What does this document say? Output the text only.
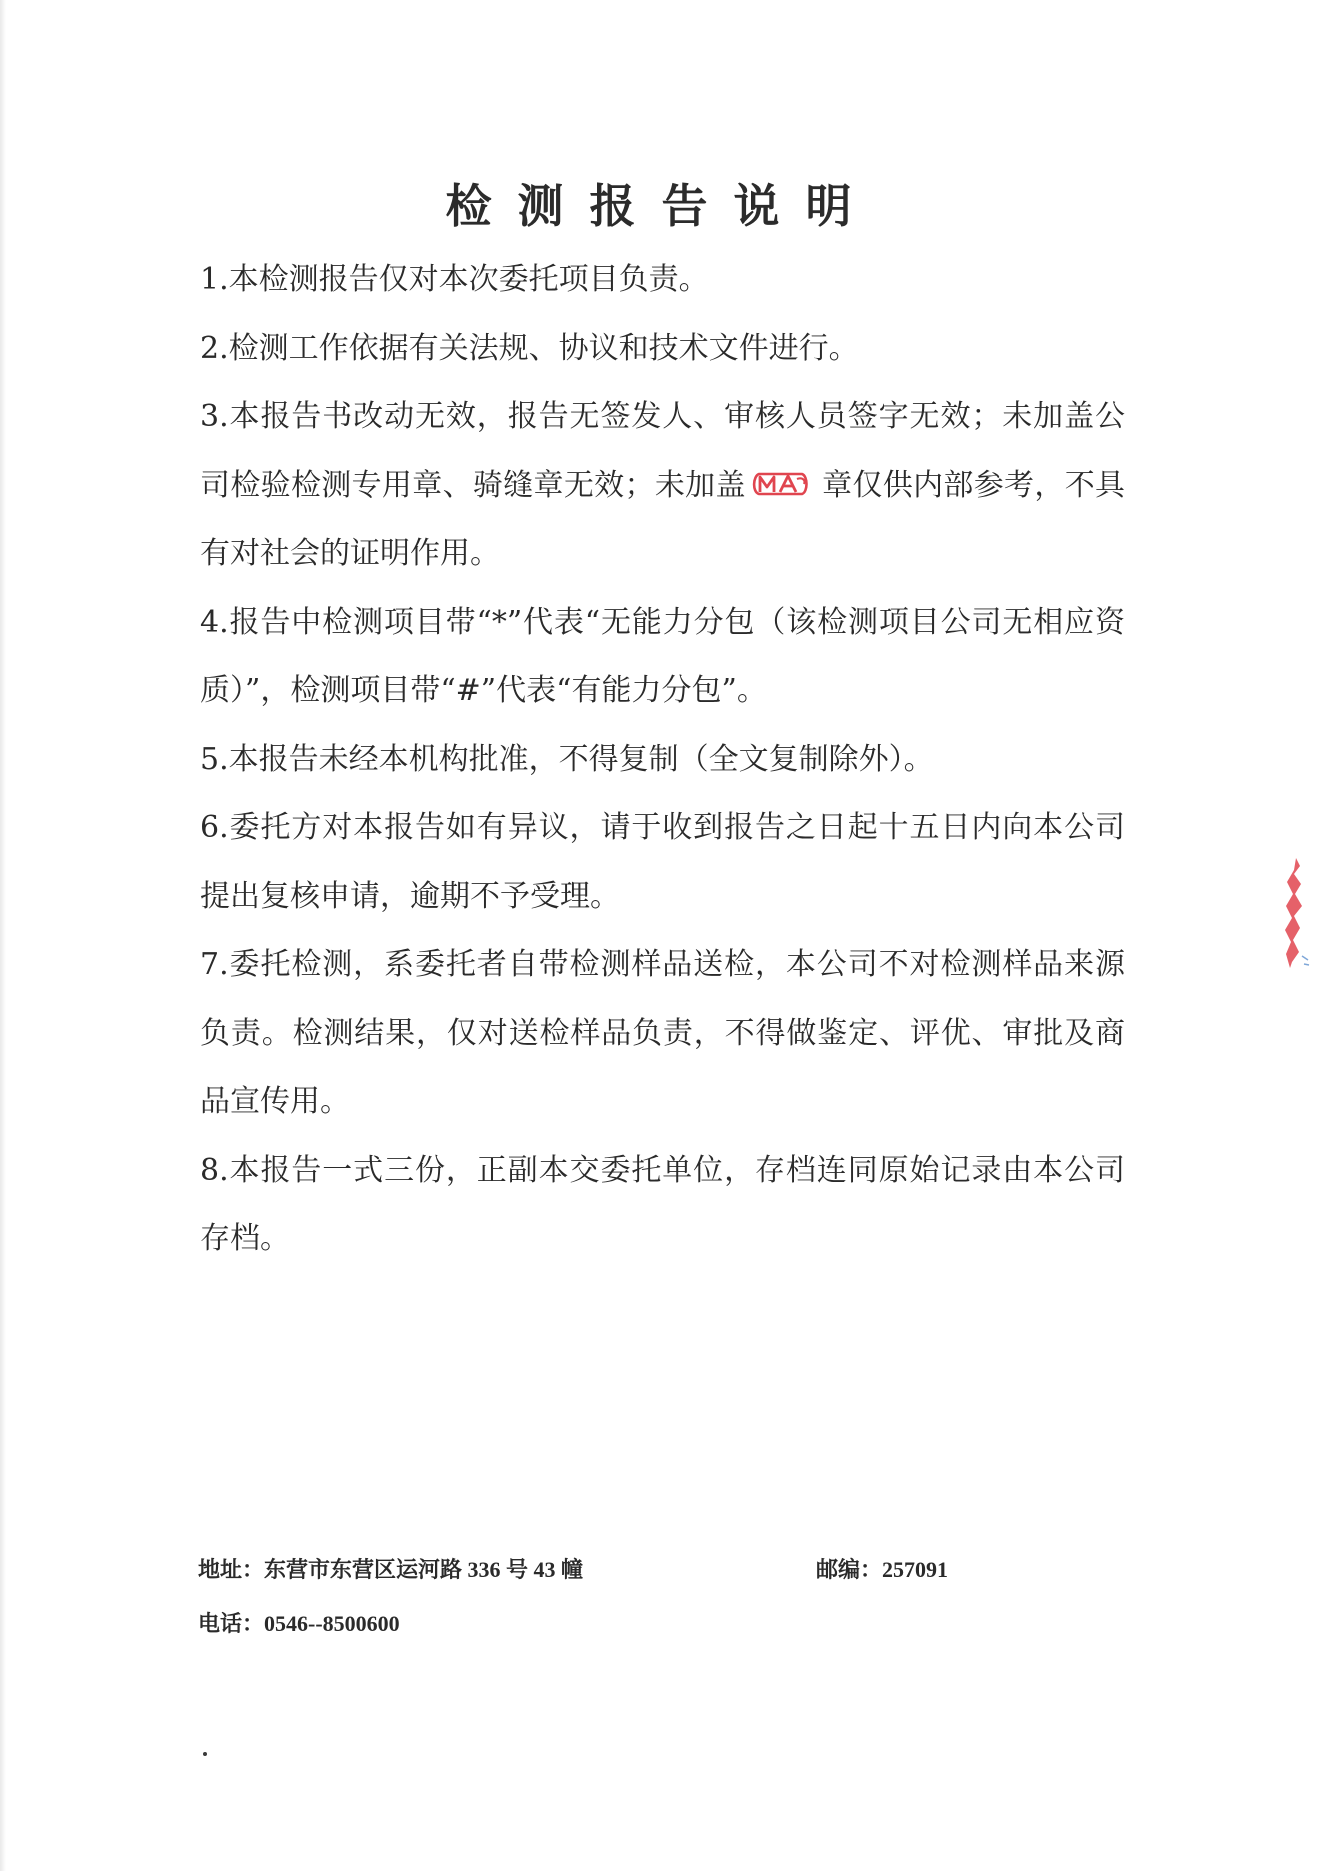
检测报告说明
1.本检测报告仅对本次委托项目负责。
2.检测工作依据有关法规、协议和技术文件进行。
3.本报告书改动无效，报告无签发人、审核人员签字无效；未加盖公司检验检测专用章、骑缝章无效；未加盖	章仅供内部参考，不具有对社会的证明作用。
4.报告中检测项目带“*”代表“无能力分包（该检测项目公司无相应资质）”，检测项目带“#”代表“有能力分包”。
5.本报告未经本机构批准，不得复制（全文复制除外）。
6.委托方对本报告如有异议，请于收到报告之日起十五日内向本公司提出复核申请，逾期不予受理。
7.委托检测，系委托者自带检测样品送检，本公司不对检测样品来源负责。检测结果，仅对送检样品负责，不得做鉴定、评优、审批及商品宣传用。
8.本报告一式三份，正副本交委托单位，存档连同原始记录由本公司存档。
地址：东营市东营区运河路 336 号 43 幢	邮编：257091
电话：0546--8500600
